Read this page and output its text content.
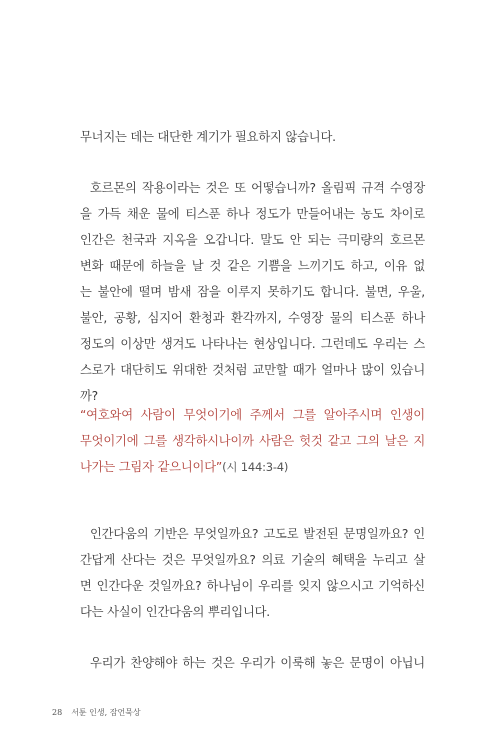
무너지는 데는 대단한 계기가 필요하지 않습니다.
호르몬의 작용이라는 것은 또 어떻습니까? 올림픽 규격 수영장
을 가득 채운 물에 티스푼 하나 정도가 만들어내는 농도 차이로
인간은 천국과 지옥을 오갑니다. 말도 안 되는 극미량의 호르몬
변화 때문에 하늘을 날 것 같은 기쁨을 느끼기도 하고, 이유 없
는 불안에 떨며 밤새 잠을 이루지 못하기도 합니다. 불면, 우울,
불안, 공황, 심지어 환청과 환각까지, 수영장 물의 티스푼 하나
정도의 이상만 생겨도 나타나는 현상입니다. 그런데도 우리는 스
스로가 대단히도 위대한 것처럼 교만할 때가 얼마나 많이 있습니
까?
“여호와여 사람이 무엇이기에 주께서 그를 알아주시며 인생이
무엇이기에 그를 생각하시나이까 사람은 헛것 같고 그의 날은 지
나가는 그림자 같으니이다”(시 144:3-4)
인간다움의 기반은 무엇일까요? 고도로 발전된 문명일까요? 인
간답게 산다는 것은 무엇일까요? 의료 기술의 혜택을 누리고 살
면 인간다운 것일까요? 하나님이 우리를 잊지 않으시고 기억하신
다는 사실이 인간다움의 뿌리입니다.
우리가 찬양해야 하는 것은 우리가 이룩해 놓은 문명이 아닙니
28 서툰 인생, 잠언묵상
